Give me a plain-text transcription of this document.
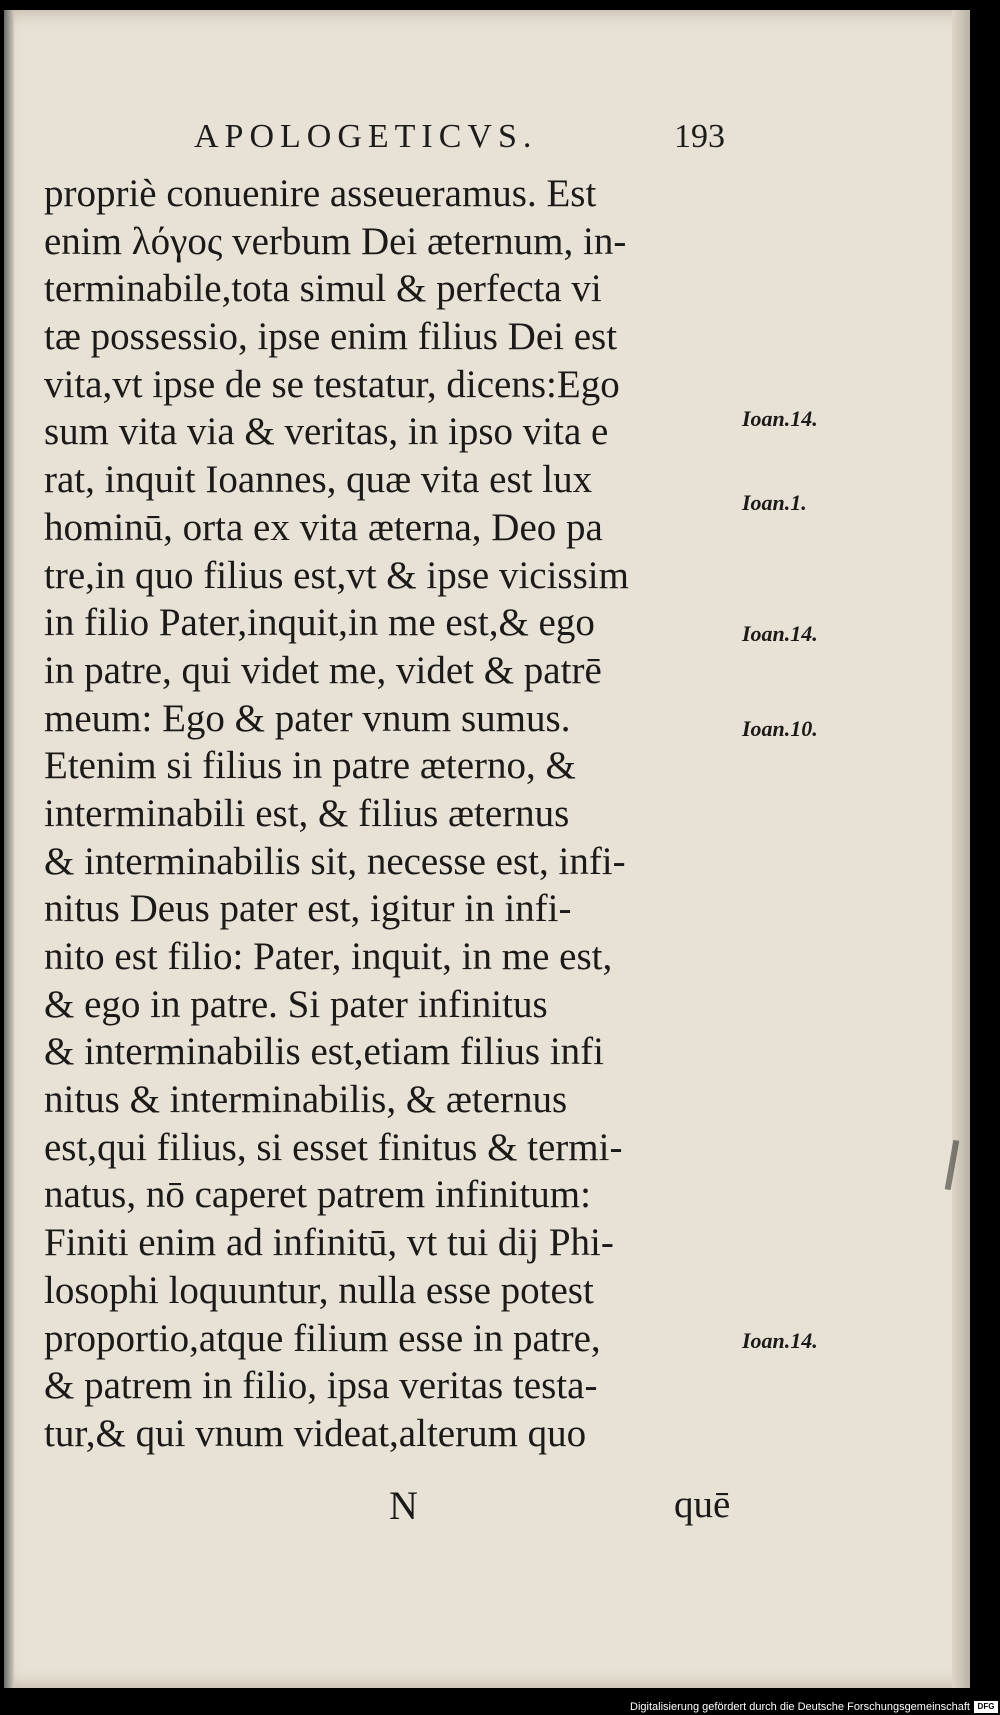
APOLOGETICVS.	193
propriè conuenire asseueramus. Est
enim λόγος verbum Dei æternum, in-
terminabile,tota simul & perfecta vi
tæ possessio, ipse enim filius Dei est
vita,vt ipse de se testatur, dicens:Ego
sum vita via & veritas, in ipso vita e
rat, inquit Ioannes, quæ vita est lux
hominū, orta ex vita æterna, Deo pa
tre,in quo filius est,vt & ipse vicissim
in filio Pater,inquit,in me est,& ego
in patre, qui videt me, videt & patrē
meum: Ego & pater vnum sumus.
Etenim si filius in patre æterno, &
interminabili est, & filius æternus
& interminabilis sit, necesse est, infi-
nitus Deus pater est, igitur in infi-
nito est filio: Pater, inquit, in me est,
& ego in patre. Si pater infinitus
& interminabilis est,etiam filius infi
nitus & interminabilis, & æternus
est,qui filius, si esset finitus & termi-
natus, nō caperet patrem infinitum:
Finiti enim ad infinitū, vt tui dij Phi-
losophi loquuntur, nulla esse potest
proportio,atque filium esse in patre,
& patrem in filio, ipsa veritas testa-
tur,& qui vnum videat,alterum quo
Ioan.14.
Ioan.1.
Ioan.14.
Ioan.10.
Ioan.14.
N	quē
Digitalisierung gefördert durch die Deutsche Forschungsgemeinschaft DFG
